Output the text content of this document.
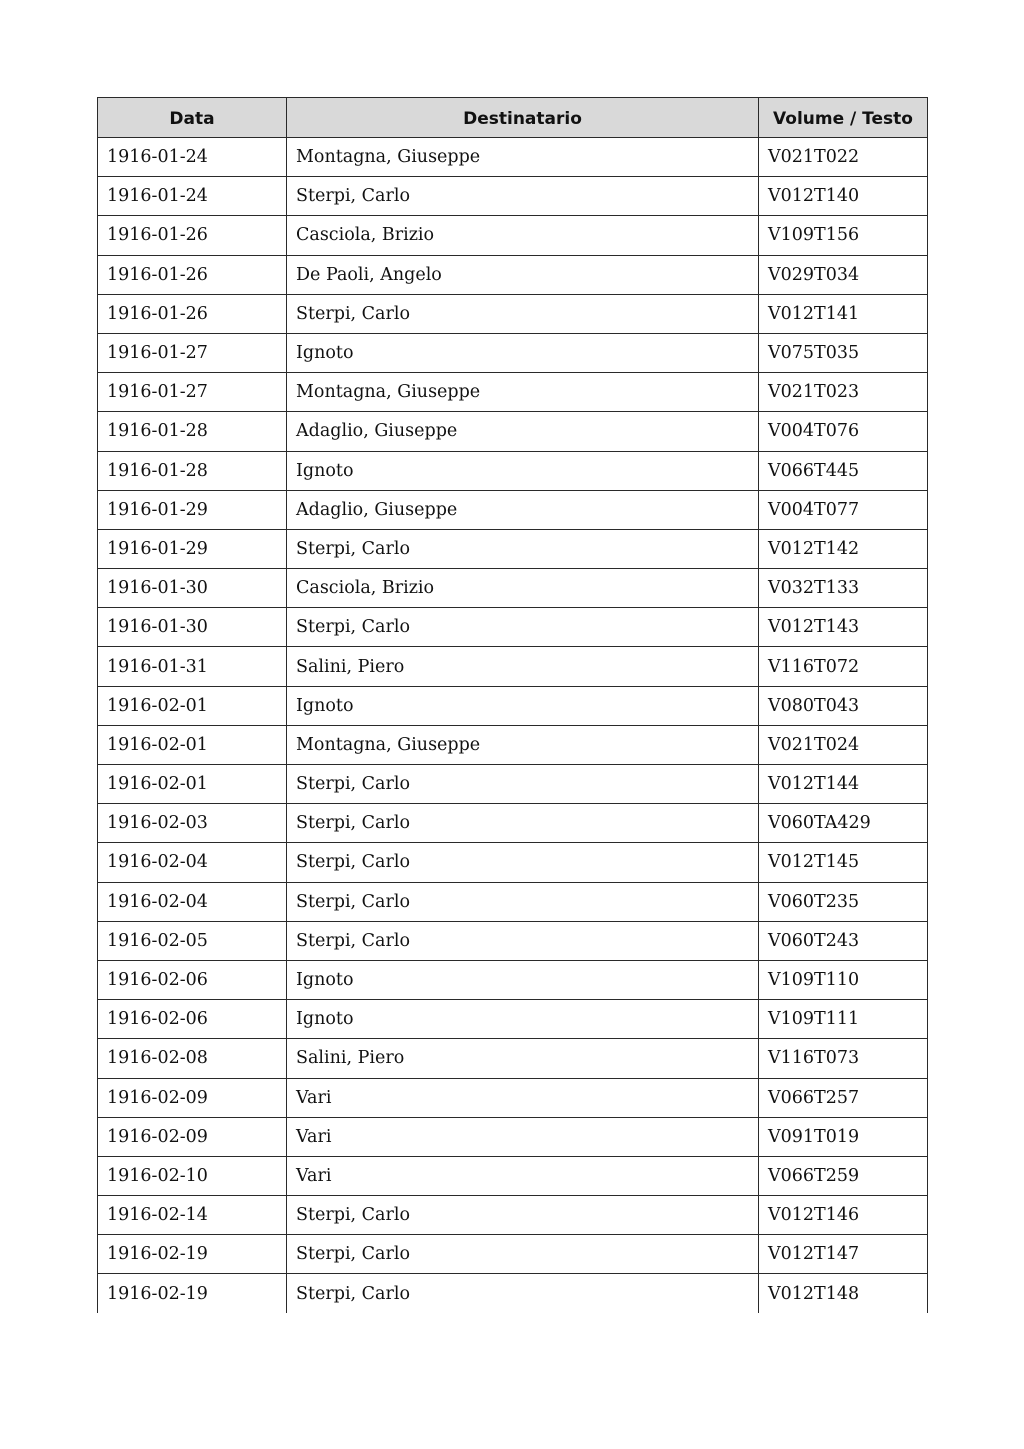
Data	Destinatario	Volume / Testo
1916-01-24	Montagna, Giuseppe	V021T022
1916-01-24	Sterpi, Carlo	V012T140
1916-01-26	Casciola, Brizio	V109T156
1916-01-26	De Paoli, Angelo	V029T034
1916-01-26	Sterpi, Carlo	V012T141
1916-01-27	Ignoto	V075T035
1916-01-27	Montagna, Giuseppe	V021T023
1916-01-28	Adaglio, Giuseppe	V004T076
1916-01-28	Ignoto	V066T445
1916-01-29	Adaglio, Giuseppe	V004T077
1916-01-29	Sterpi, Carlo	V012T142
1916-01-30	Casciola, Brizio	V032T133
1916-01-30	Sterpi, Carlo	V012T143
1916-01-31	Salini, Piero	V116T072
1916-02-01	Ignoto	V080T043
1916-02-01	Montagna, Giuseppe	V021T024
1916-02-01	Sterpi, Carlo	V012T144
1916-02-03	Sterpi, Carlo	V060TA429
1916-02-04	Sterpi, Carlo	V012T145
1916-02-04	Sterpi, Carlo	V060T235
1916-02-05	Sterpi, Carlo	V060T243
1916-02-06	Ignoto	V109T110
1916-02-06	Ignoto	V109T111
1916-02-08	Salini, Piero	V116T073
1916-02-09	Vari	V066T257
1916-02-09	Vari	V091T019
1916-02-10	Vari	V066T259
1916-02-14	Sterpi, Carlo	V012T146
1916-02-19	Sterpi, Carlo	V012T147
1916-02-19	Sterpi, Carlo	V012T148
